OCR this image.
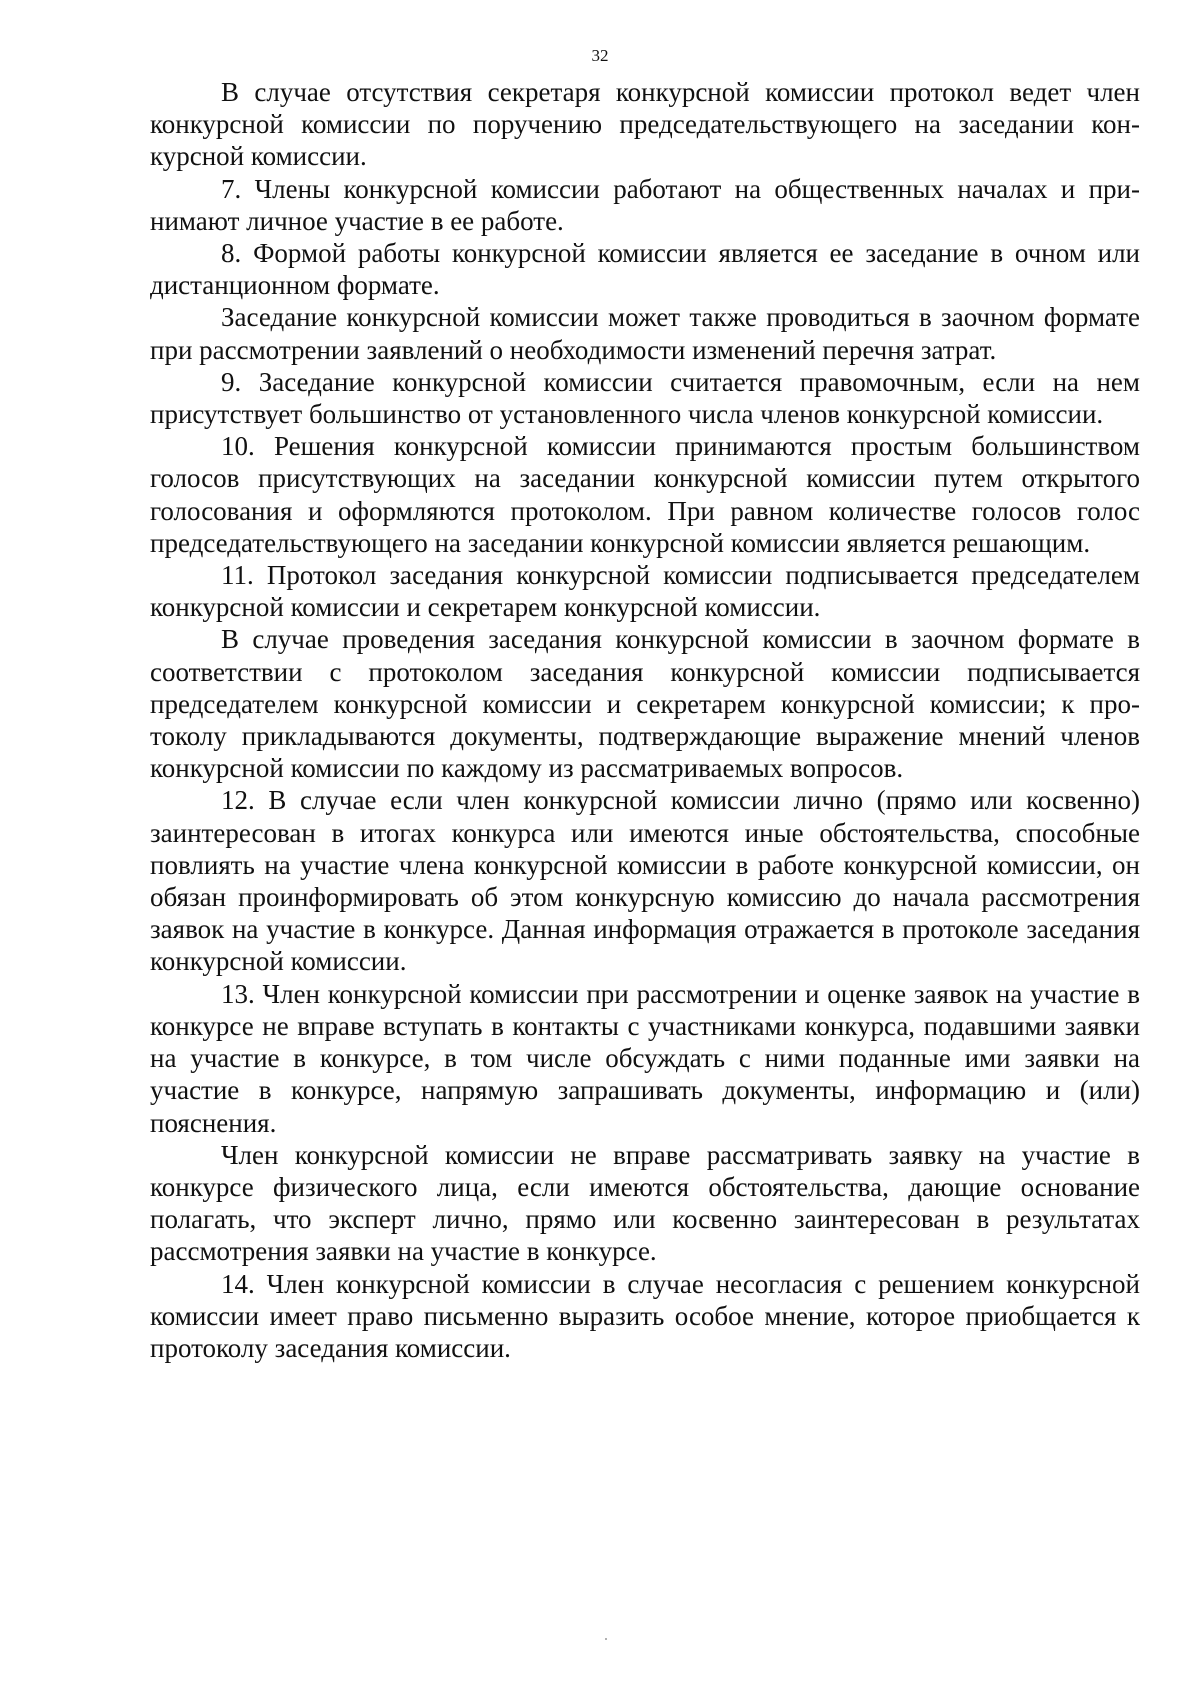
32

В случае отсутствия секретаря конкурсной комиссии протокол ведет член конкурсной комиссии по поручению председательствующего на заседании конкурсной комиссии.

7. Члены конкурсной комиссии работают на общественных началах и принимают личное участие в ее работе.

8. Формой работы конкурсной комиссии является ее заседание в очном или дистанционном формате.

Заседание конкурсной комиссии может также проводиться в заочном формате при рассмотрении заявлений о необходимости изменений перечня затрат.

9. Заседание конкурсной комиссии считается правомочным, если на нем присутствует большинство от установленного числа членов конкурсной комиссии.

10. Решения конкурсной комиссии принимаются простым большинством голосов присутствующих на заседании конкурсной комиссии путем открытого голосования и оформляются протоколом. При равном количестве голосов голос председательствующего на заседании конкурсной комиссии является решающим.

11. Протокол заседания конкурсной комиссии подписывается председателем конкурсной комиссии и секретарем конкурсной комиссии.

В случае проведения заседания конкурсной комиссии в заочном формате в соответствии с протоколом заседания конкурсной комиссии подписывается председателем конкурсной комиссии и секретарем конкурсной комиссии; к протоколу прикладываются документы, подтверждающие выражение мнений членов конкурсной комиссии по каждому из рассматриваемых вопросов.

12. В случае если член конкурсной комиссии лично (прямо или косвенно) заинтересован в итогах конкурса или имеются иные обстоятельства, способные повлиять на участие члена конкурсной комиссии в работе конкурсной комиссии, он обязан проинформировать об этом конкурсную комиссию до начала рассмотрения заявок на участие в конкурсе. Данная информация отражается в протоколе заседания конкурсной комиссии.

13. Член конкурсной комиссии при рассмотрении и оценке заявок на участие в конкурсе не вправе вступать в контакты с участниками конкурса, подавшими заявки на участие в конкурсе, в том числе обсуждать с ними поданные ими заявки на участие в конкурсе, напрямую запрашивать документы, информацию и (или) пояснения.

Член конкурсной комиссии не вправе рассматривать заявку на участие в конкурсе физического лица, если имеются обстоятельства, дающие основание полагать, что эксперт лично, прямо или косвенно заинтересован в результатах рассмотрения заявки на участие в конкурсе.

14. Член конкурсной комиссии в случае несогласия с решением конкурсной комиссии имеет право письменно выразить особое мнение, которое приобщается к протоколу заседания комиссии.
